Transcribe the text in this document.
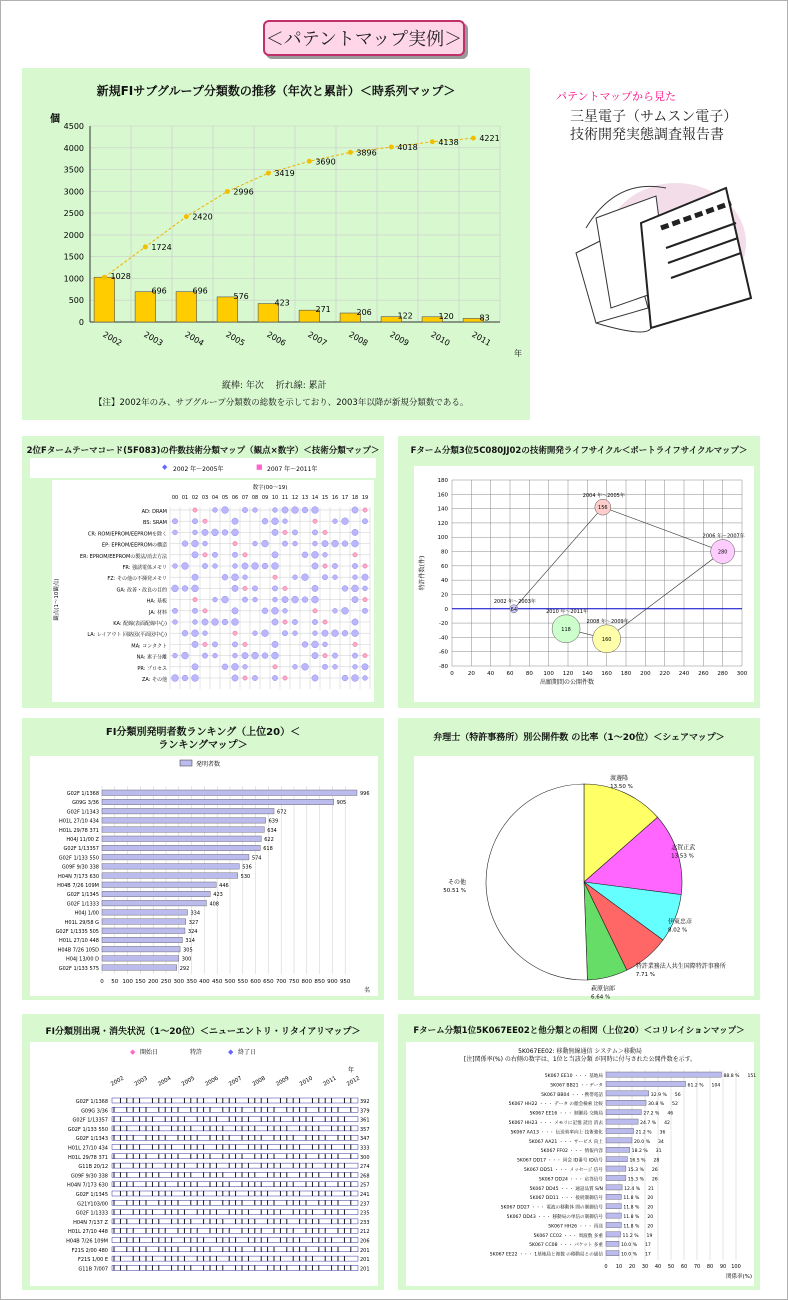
＜パテントマップ実例＞
パテントマップから見た
三星電子（サムスン電子）
技術開発実態調査報告書
新規FIサブグループ分類数の推移（年次と累計）＜時系列マップ＞
個
0
500
1000
1500
2000
2500
3000
3500
4000
4500
1028
696	696
576
423
271	206	122	120	83
1724
2420
2996
3419
3690
3896
4018
4138	4221
2002 2003 2004 2005 2006 2007 2008 2009 2010 2011
年
縦棒: 年次　 折れ線: 累計
【注】2002年のみ、サブグループ分類数の総数を示しており、2003年以降が新規分類数である。
2位Fタームテーマコード(5F083)の件数技術分類マップ（観点×数字）＜技術分類マップ＞
◆ 2002 年〜2005年	■ 2007 年〜2011年
数字(00〜19)
00 01 02 03 04 05 06 07 08 09 10 11 12 13 14 15 16 17 18 19
観点(1〜10観点)
AD: DRAM
BS: SRAM
CR: ROM/EPROM/EEPROMを除く
EP: EPROM/EEPROMの構造
ER: EPROM/EEPROMの製法/消去方法
FR: 強誘電体メモリ
FZ: その他の不揮発メモリ
GA: 改善・改良の目的
HA: 基板
JA: 材料
KA: 配線(表面配線中心)
LA: レイアウト 回路図(平面図中心)
MA: コンタクト
NA: 素子分離
PR: プロセス
ZA: その他
Fターム分類3位5C080JJ02の技術開発ライフサイクル＜ポートライフサイクルマップ＞
-80
-60
-40
-20
0
20
40
60
80
100
120
140
160
180
0	20 40 60 80 100 120 140 160 180 200 220 240 260 280 300
特許件数(件)
出願期間の公開件数
2002 年〜2003年
64
2004 年〜2005年
156
2006 年〜2007年
280
2010 年〜2011年
118
2008 年〜2009年
160
FI分類別発明者数ランキング（上位20）＜ランキングマップ＞
発明者数
0 50 100 150 200 250 300 350 400 450 500 550 600 650 700 750 800 850 900 950
G02F 1/1368	996
G09G 3/36	905
G02F 1/1343	672
H01L 27/10 434	639
H01L 29/78 371	634
H04J 11/00 Z	622
G02F 1/13357	618
G02F 1/133 550	574
G09F 9/30 338	536
H04N 7/173 630	530
H04B 7/26 109M	446
G02F 1/1345	423
G02F 1/1333	408
H04J 1/00	334
H01L 29/58 G	327
G02F 1/1335 505	324
H01L 27/10 448	314
H04B 7/26 105D	305
H04J 13/00 D	300
G02F 1/133 575	292
名
弁理士（特許事務所）別公開件数 の比率（1〜20位）＜シェアマップ＞
渡邊隆
13.50 %
志賀正武
13.53 %
伊東忠彦
8.02 %
特許業務法人共生国際特許事務所
7.71 %
萩原信郎
6.64 %
その他
50.51 %
FI分類別出現・消失状況（1〜20位）＜ニューエントリ・リタイアリマップ＞
◆ 開始日	特許	◆ 終了日
年
2002 2003 2004 2005 2006 2007 2008 2009 2010 2011 2012
G02F 1/1368	392
G09G 3/36	379
G02F 1/13357	361
G02F 1/133 550	357
G02F 1/1343	347
H01L 27/10 434	333
H01L 29/78 371	300
G11B 20/12	274
G09F 9/30 338	268
H04N 7/173 630	257
G02F 1/1345	241
G21Y103/00	237
G02F 1/1333	235
H04N 7/137 Z	233
H01L 27/10 448	212
H04B 7/26 109M	206
F21S 2/00 480	201
F21S 1/00 E	201
G11B 7/007	201
Fターム分類1位5K067EE02と他分類との相関（上位20）＜コリレイションマップ＞
5K067EE02: 移動無線通信 システム＞移動局
[注]関係率(%) の右側の数字は、1位と当該分類 が同時に付与された公開件数を示す。
0 10 20 30 40 50 60 70 80 90 100
5K067 EE10 ・・・ 基地局	88.8 % 151
5K067 BB21 ・・データ	61.2 % 104
5K067 BB04 ・・・携帯電話	32.9 % 56
5K067 HH22 ・・・ データ の顔会検索 比較	30.8 % 52
5K067 EE16 ・・・ 制御局 交換局	27.2 % 46
5K067 HH23 ・・・ メモリに記憶 読出 消去	24.7 % 42
5K067 AA13 ・・・ 伝送効率向上 技術強化	21.2 % 36
5K067 AA21 ・・・ サービス 向上	20.0 % 34
5K067 FF02 ・・・ 情報内容	18.2 % 31
5K067 DD17 ・・・ 同会 ID番号 ID信号	16.5 % 28
5K067 DD51 ・・・ メッセージ 信号	15.3 % 26
5K067 DD24 ・・・ 応答信号	15.3 % 26
5K067 DD45 ・・・ 通話品質 S/N	12.4 % 21
5K067 DD11 ・・・ 接続制御信号	11.8 % 20
5K067 DD27 ・・・ 電波の移動体 間の制御信号	11.8 % 20
5K067 DD43 ・・・ 移動局の単信の制御信号	11.8 % 20
5K067 HH26 ・・・ 再送	11.8 % 20
5K067 CC02 ・・・ 周波数 多重	11.2 % 19
5K067 CC08 ・・・ パケット 多重	10.0 % 17
5K067 EE22 ・・・ 1基地局と複数 の移動局との通信	10.0 % 17
関係率(%)
